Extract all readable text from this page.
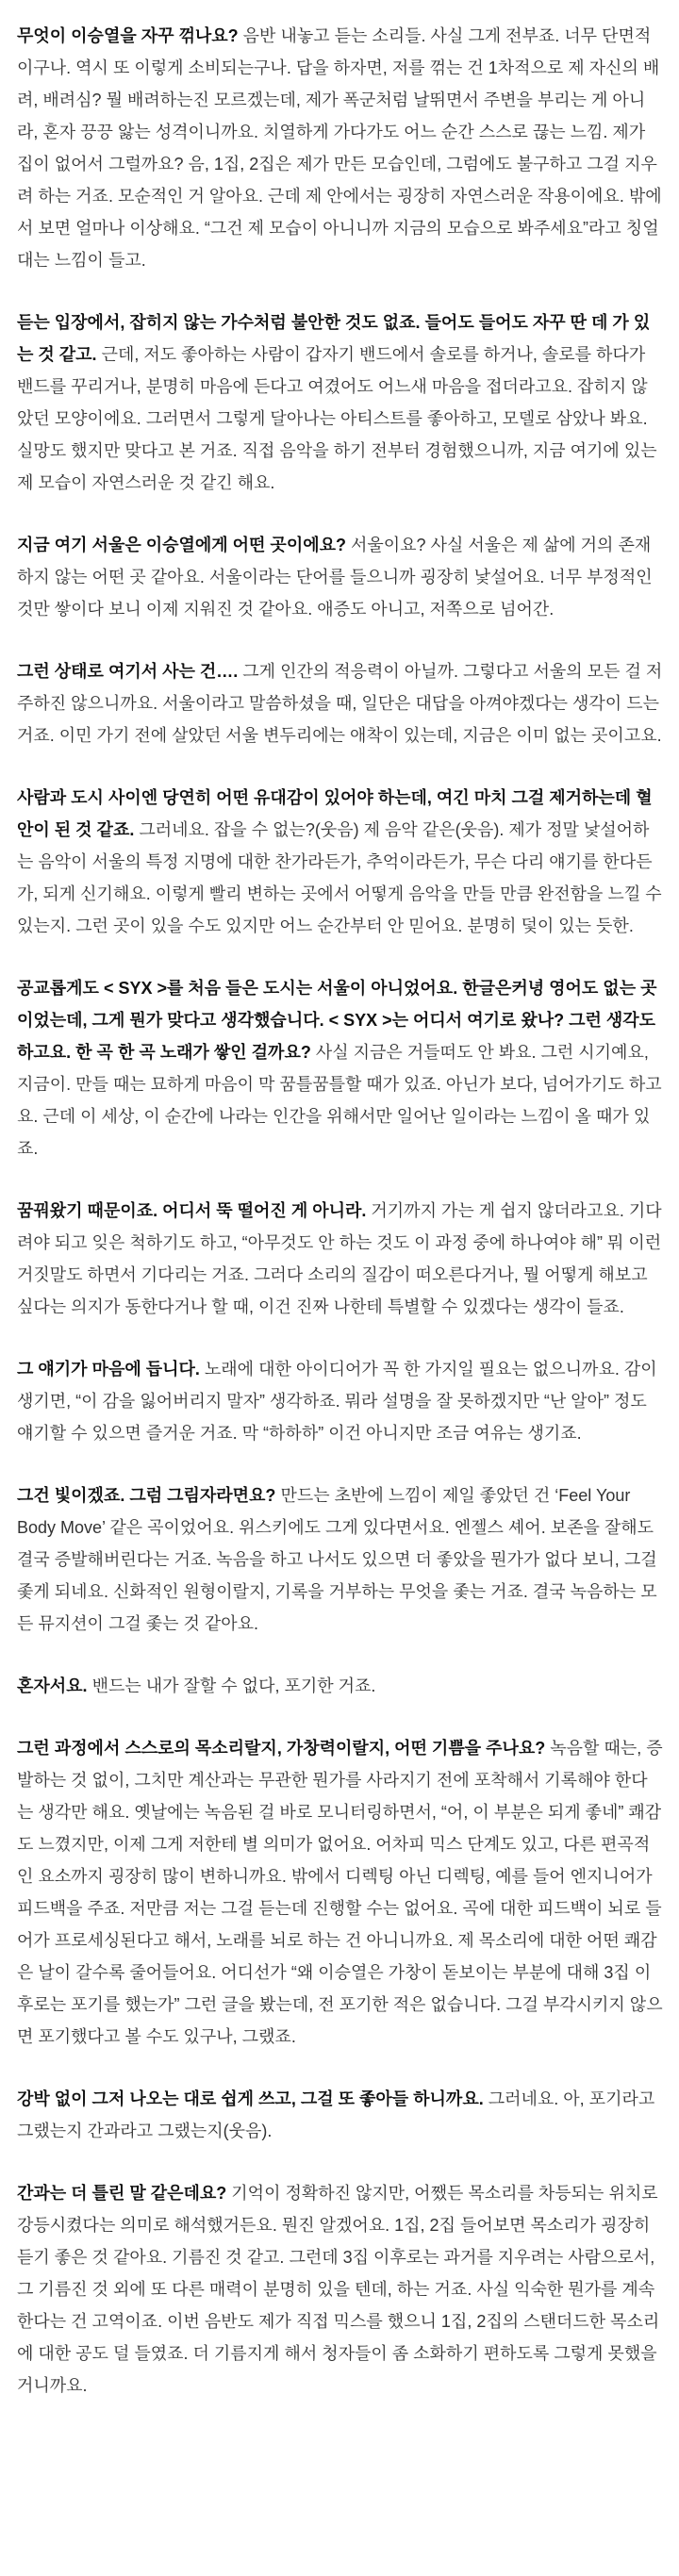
무엇이 이승열을 자꾸 꺾나요? 음반 내놓고 듣는 소리들. 사실 그게 전부죠. 너무 단면적이구나. 역시 또 이렇게 소비되는구나. 답을 하자면, 저를 꺾는 건 1차적으로 제 자신의 배려, 배려심? 뭘 배려하는진 모르겠는데, 제가 폭군처럼 날뛰면서 주변을 부리는 게 아니라, 혼자 끙끙 앓는 성격이니까요. 치열하게 가다가도 어느 순간 스스로 끊는 느낌. 제가 집이 없어서 그럴까요? 음, 1집, 2집은 제가 만든 모습인데, 그럼에도 불구하고 그걸 지우려 하는 거죠. 모순적인 거 알아요. 근데 제 안에서는 굉장히 자연스러운 작용이에요. 밖에서 보면 얼마나 이상해요. “그건 제 모습이 아니니까 지금의 모습으로 봐주세요”라고 칭얼대는 느낌이 들고.

듣는 입장에서, 잡히지 않는 가수처럼 불안한 것도 없죠. 들어도 들어도 자꾸 딴 데 가 있는 것 같고. 근데, 저도 좋아하는 사람이 갑자기 밴드에서 솔로를 하거나, 솔로를 하다가 밴드를 꾸리거나, 분명히 마음에 든다고 여겼어도 어느새 마음을 접더라고요. 잡히지 않았던 모양이에요. 그러면서 그렇게 달아나는 아티스트를 좋아하고, 모델로 삼았나 봐요. 실망도 했지만 맞다고 본 거죠. 직접 음악을 하기 전부터 경험했으니까, 지금 여기에 있는 제 모습이 자연스러운 것 같긴 해요.

지금 여기 서울은 이승열에게 어떤 곳이에요? 서울이요? 사실 서울은 제 삶에 거의 존재하지 않는 어떤 곳 같아요. 서울이라는 단어를 들으니까 굉장히 낯설어요. 너무 부정적인 것만 쌓이다 보니 이제 지워진 것 같아요. 애증도 아니고, 저쪽으로 넘어간.

그런 상태로 여기서 사는 건…. 그게 인간의 적응력이 아닐까. 그렇다고 서울의 모든 걸 저주하진 않으니까요. 서울이라고 말씀하셨을 때, 일단은 대답을 아껴야겠다는 생각이 드는 거죠. 이민 가기 전에 살았던 서울 변두리에는 애착이 있는데, 지금은 이미 없는 곳이고요.

사람과 도시 사이엔 당연히 어떤 유대감이 있어야 하는데, 여긴 마치 그걸 제거하는데 혈안이 된 것 같죠. 그러네요. 잡을 수 없는?(웃음) 제 음악 같은(웃음). 제가 정말 낯설어하는 음악이 서울의 특정 지명에 대한 찬가라든가, 추억이라든가, 무슨 다리 얘기를 한다든가, 되게 신기해요. 이렇게 빨리 변하는 곳에서 어떻게 음악을 만들 만큼 완전함을 느낄 수 있는지. 그런 곳이 있을 수도 있지만 어느 순간부터 안 믿어요. 분명히 덫이 있는 듯한.

공교롭게도 < SYX >를 처음 들은 도시는 서울이 아니었어요. 한글은커녕 영어도 없는 곳이었는데, 그게 뭔가 맞다고 생각했습니다. < SYX >는 어디서 여기로 왔나? 그런 생각도 하고요. 한 곡 한 곡 노래가 쌓인 걸까요? 사실 지금은 거들떠도 안 봐요. 그런 시기예요, 지금이. 만들 때는 묘하게 마음이 막 꿈틀꿈틀할 때가 있죠. 아닌가 보다, 넘어가기도 하고요. 근데 이 세상, 이 순간에 나라는 인간을 위해서만 일어난 일이라는 느낌이 올 때가 있죠.

꿈꿔왔기 때문이죠. 어디서 뚝 떨어진 게 아니라. 거기까지 가는 게 쉽지 않더라고요. 기다려야 되고 잊은 척하기도 하고, “아무것도 안 하는 것도 이 과정 중에 하나여야 해” 뭐 이런 거짓말도 하면서 기다리는 거죠. 그러다 소리의 질감이 떠오른다거나, 뭘 어떻게 해보고 싶다는 의지가 동한다거나 할 때, 이건 진짜 나한테 특별할 수 있겠다는 생각이 들죠.

그 얘기가 마음에 듭니다. 노래에 대한 아이디어가 꼭 한 가지일 필요는 없으니까요. 감이 생기면, “이 감을 잃어버리지 말자” 생각하죠. 뭐라 설명을 잘 못하겠지만 “난 알아” 정도 얘기할 수 있으면 즐거운 거죠. 막 “하하하” 이건 아니지만 조금 여유는 생기죠.

그건 빛이겠죠. 그럼 그림자라면요? 만드는 초반에 느낌이 제일 좋았던 건 ‘Feel Your Body Move’ 같은 곡이었어요. 위스키에도 그게 있다면서요. 엔젤스 셰어. 보존을 잘해도 결국 증발해버린다는 거죠. 녹음을 하고 나서도 있으면 더 좋았을 뭔가가 없다 보니, 그걸 좇게 되네요. 신화적인 원형이랄지, 기록을 거부하는 무엇을 좇는 거죠. 결국 녹음하는 모든 뮤지션이 그걸 좇는 것 같아요.

혼자서요. 밴드는 내가 잘할 수 없다, 포기한 거죠.

그런 과정에서 스스로의 목소리랄지, 가창력이랄지, 어떤 기쁨을 주나요? 녹음할 때는, 증발하는 것 없이, 그치만 계산과는 무관한 뭔가를 사라지기 전에 포착해서 기록해야 한다는 생각만 해요. 옛날에는 녹음된 걸 바로 모니터링하면서, “어, 이 부분은 되게 좋네” 쾌감도 느꼈지만, 이제 그게 저한테 별 의미가 없어요. 어차피 믹스 단계도 있고, 다른 편곡적인 요소까지 굉장히 많이 변하니까요. 밖에서 디렉팅 아닌 디렉팅, 예를 들어 엔지니어가 피드백을 주죠. 저만큼 저는 그걸 듣는데 진행할 수는 없어요. 곡에 대한 피드백이 뇌로 들어가 프로세싱된다고 해서, 노래를 뇌로 하는 건 아니니까요. 제 목소리에 대한 어떤 쾌감은 날이 갈수록 줄어들어요. 어디선가 “왜 이승열은 가창이 돋보이는 부분에 대해 3집 이후로는 포기를 했는가” 그런 글을 봤는데, 전 포기한 적은 없습니다. 그걸 부각시키지 않으면 포기했다고 볼 수도 있구나, 그랬죠.

강박 없이 그저 나오는 대로 쉽게 쓰고, 그걸 또 좋아들 하니까요. 그러네요. 아, 포기라고 그랬는지 간과라고 그랬는지(웃음).

간과는 더 틀린 말 같은데요? 기억이 정확하진 않지만, 어쨌든 목소리를 차등되는 위치로 강등시켰다는 의미로 해석했거든요. 뭔진 알겠어요. 1집, 2집 들어보면 목소리가 굉장히 듣기 좋은 것 같아요. 기름진 것 같고. 그런데 3집 이후로는 과거를 지우려는 사람으로서, 그 기름진 것 외에 또 다른 매력이 분명히 있을 텐데, 하는 거죠. 사실 익숙한 뭔가를 계속한다는 건 고역이죠. 이번 음반도 제가 직접 믹스를 했으니 1집, 2집의 스탠더드한 목소리에 대한 공도 덜 들였죠. 더 기름지게 해서 청자들이 좀 소화하기 편하도록 그렇게 못했을 거니까요.
